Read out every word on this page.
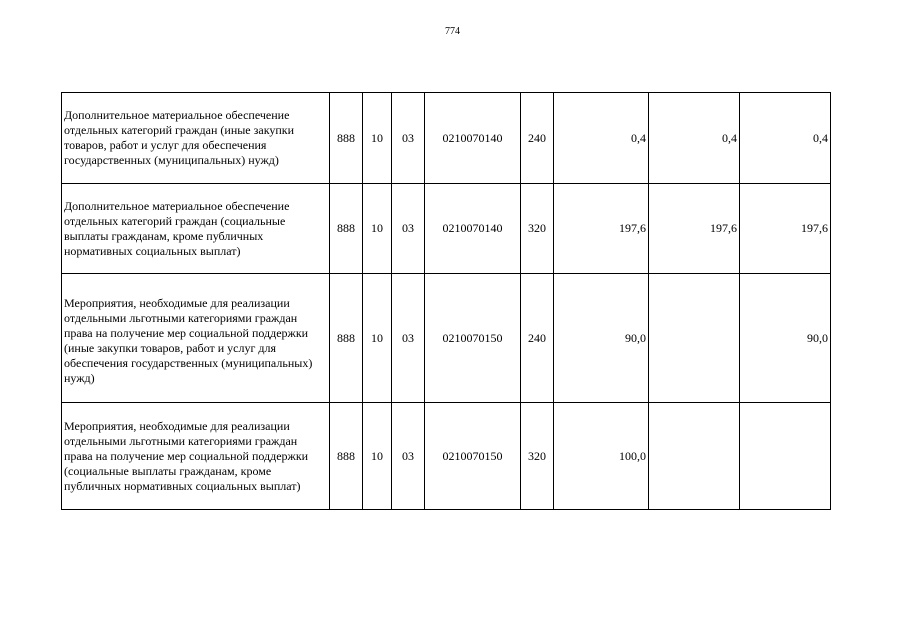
774
Дополнительное материальное обеспечение отдельных категорий граждан (иные закупки товаров, работ и услуг для обеспечения государственных (муниципальных) нужд)	888	10	03	0210070140	240	0,4	0,4	0,4
Дополнительное материальное обеспечение отдельных категорий граждан (социальные выплаты гражданам, кроме публичных нормативных социальных выплат)	888	10	03	0210070140	320	197,6	197,6	197,6
Мероприятия, необходимые для реализации отдельными льготными категориями граждан права на получение мер социальной поддержки (иные закупки товаров, работ и услуг для обеспечения государственных (муниципальных) нужд)	888	10	03	0210070150	240	90,0		90,0
Мероприятия, необходимые для реализации отдельными льготными категориями граждан права на получение мер социальной поддержки (социальные выплаты гражданам, кроме публичных нормативных социальных выплат)	888	10	03	0210070150	320	100,0		
